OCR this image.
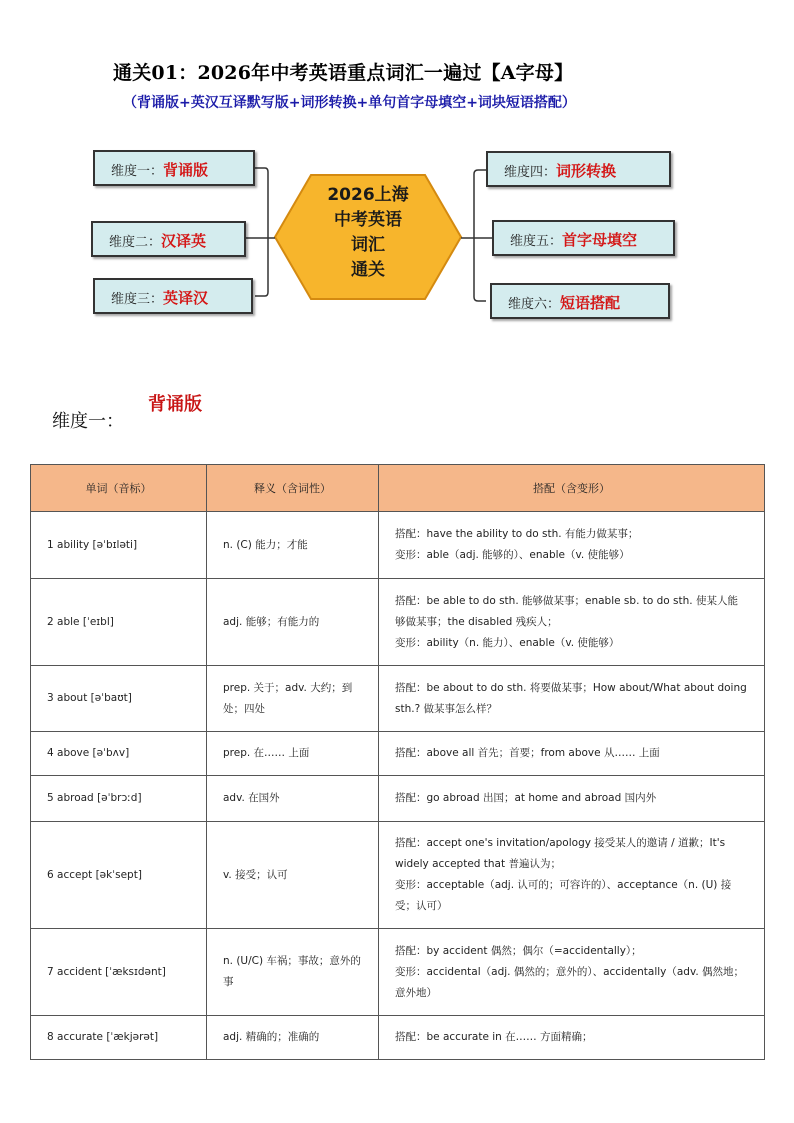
通关01：2026年中考英语重点词汇一遍过【A字母】
（背诵版+英汉互译默写版+词形转换+单句首字母填空+词块短语搭配）
2026上海
中考英语
词汇
通关
维度一：背诵版
维度二：汉译英
维度三：英译汉
维度四：词形转换
维度五：首字母填空
维度六：短语搭配
维度一：
背诵版
单词（音标）	释义（含词性）	搭配（含变形）
1 ability [əˈbɪləti]	n. (C) 能力；才能	搭配：have the ability to do sth. 有能力做某事；
变形：able（adj. 能够的）、enable（v. 使能够）

2 able [ˈeɪbl]	adj. 能够；有能力的	搭配：be able to do sth. 能够做某事；enable sb. to do sth. 使某人能够做某事；the disabled 残疾人；
变形：ability（n. 能力）、enable（v. 使能够）

3 about [əˈbaʊt]	prep. 关于；adv. 大约；到处；四处	搭配：be about to do sth. 将要做某事；How about/What about doing sth.? 做某事怎么样？

4 above [əˈbʌv]	prep. 在…… 上面	搭配：above all 首先；首要；from above 从…… 上面

5 abroad [əˈbrɔːd]	adv. 在国外	搭配：go abroad 出国；at home and abroad 国内外

6 accept [əkˈsept]	v. 接受；认可	搭配：accept one's invitation/apology 接受某人的邀请 / 道歉；It's widely accepted that 普遍认为；
变形：acceptable（adj. 认可的；可容许的）、acceptance（n. (U) 接受；认可）

7 accident [ˈæksɪdənt]	n. (U/C) 车祸；事故；意外的事	搭配：by accident 偶然；偶尔（=accidentally）；
变形：accidental（adj. 偶然的；意外的）、accidentally（adv. 偶然地；意外地）

8 accurate [ˈækjərət]	adj. 精确的；准确的	搭配：be accurate in 在…… 方面精确；
